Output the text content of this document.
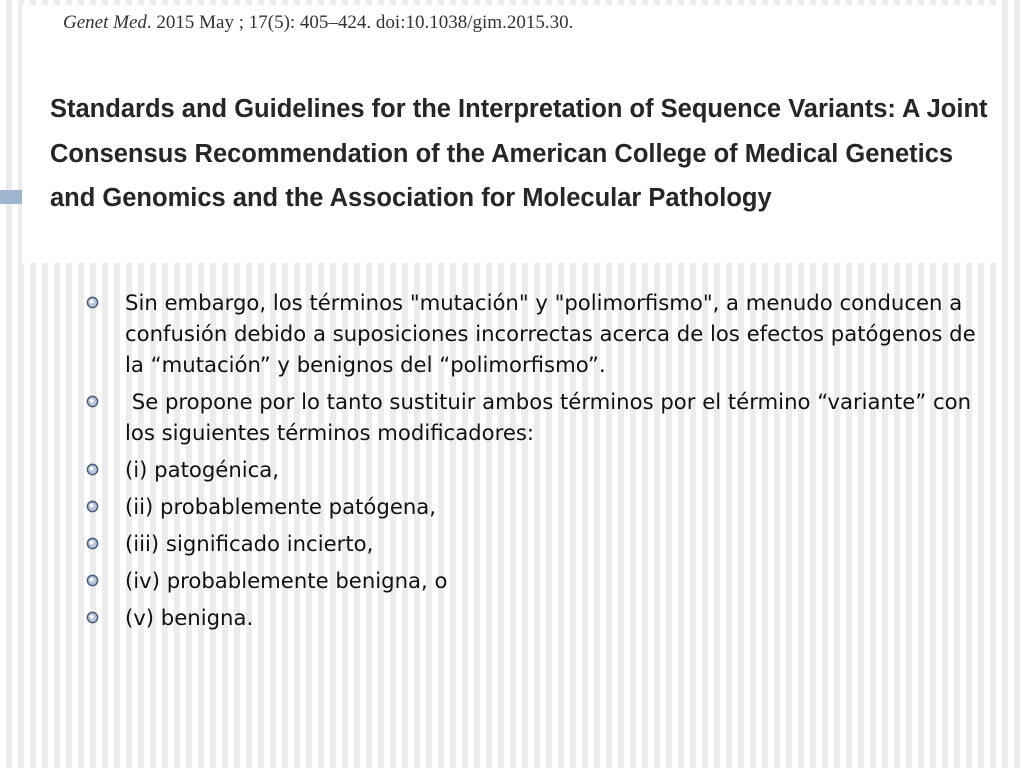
Genet Med. 2015 May ; 17(5): 405–424. doi:10.1038/gim.2015.30.
Standards and Guidelines for the Interpretation of Sequence Variants: A Joint Consensus Recommendation of the American College of Medical Genetics and Genomics and the Association for Molecular Pathology
Sin embargo, los términos "mutación" y "polimorfismo", a menudo conducen a confusión debido a suposiciones incorrectas acerca de los efectos patógenos de la “mutación” y benignos del “polimorfismo”.
Se propone por lo tanto sustituir ambos términos por el término “variante” con los siguientes términos modificadores:
(i) patogénica,
(ii) probablemente patógena,
(iii) significado incierto,
(iv) probablemente benigna, o
(v) benigna.
